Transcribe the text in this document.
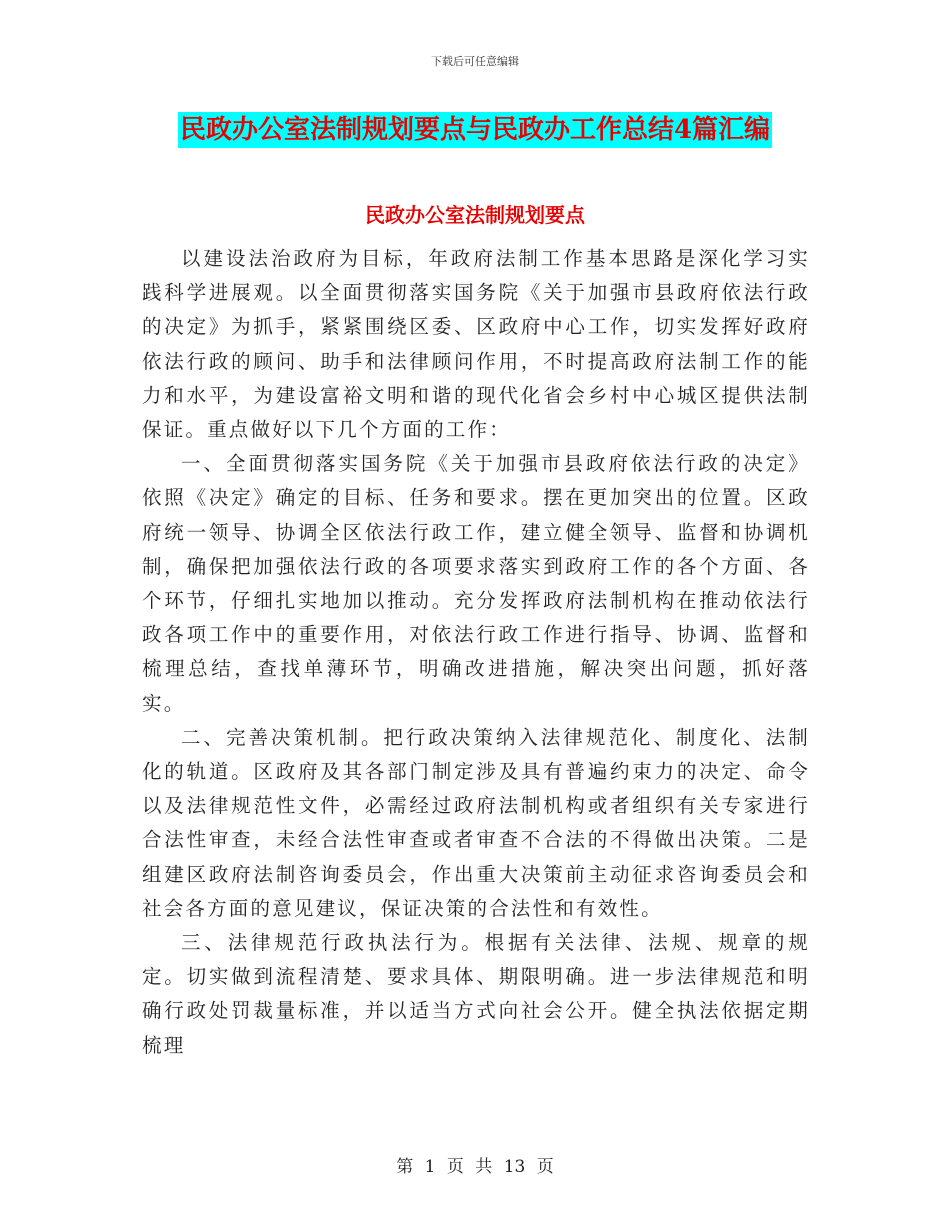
下载后可任意编辑
民政办公室法制规划要点与民政办工作总结4篇汇编
民政办公室法制规划要点

以建设法治政府为目标，年政府法制工作基本思路是深化学习实践科学进展观。以全面贯彻落实国务院《关于加强市县政府依法行政的决定》为抓手，紧紧围绕区委、区政府中心工作，切实发挥好政府依法行政的顾问、助手和法律顾问作用，不时提高政府法制工作的能力和水平，为建设富裕文明和谐的现代化省会乡村中心城区提供法制保证。重点做好以下几个方面的工作：

一、全面贯彻落实国务院《关于加强市县政府依法行政的决定》依照《决定》确定的目标、任务和要求。摆在更加突出的位置。区政府统一领导、协调全区依法行政工作，建立健全领导、监督和协调机制，确保把加强依法行政的各项要求落实到政府工作的各个方面、各个环节，仔细扎实地加以推动。充分发挥政府法制机构在推动依法行政各项工作中的重要作用，对依法行政工作进行指导、协调、监督和梳理总结，查找单薄环节，明确改进措施，解决突出问题，抓好落实。

二、完善决策机制。把行政决策纳入法律规范化、制度化、法制化的轨道。区政府及其各部门制定涉及具有普遍约束力的决定、命令以及法律规范性文件，必需经过政府法制机构或者组织有关专家进行合法性审查，未经合法性审查或者审查不合法的不得做出决策。二是组建区政府法制咨询委员会，作出重大决策前主动征求咨询委员会和社会各方面的意见建议，保证决策的合法性和有效性。

三、法律规范行政执法行为。根据有关法律、法规、规章的规定。切实做到流程清楚、要求具体、期限明确。进一步法律规范和明确行政处罚裁量标准，并以适当方式向社会公开。健全执法依据定期梳理

第 1 页 共 13 页
